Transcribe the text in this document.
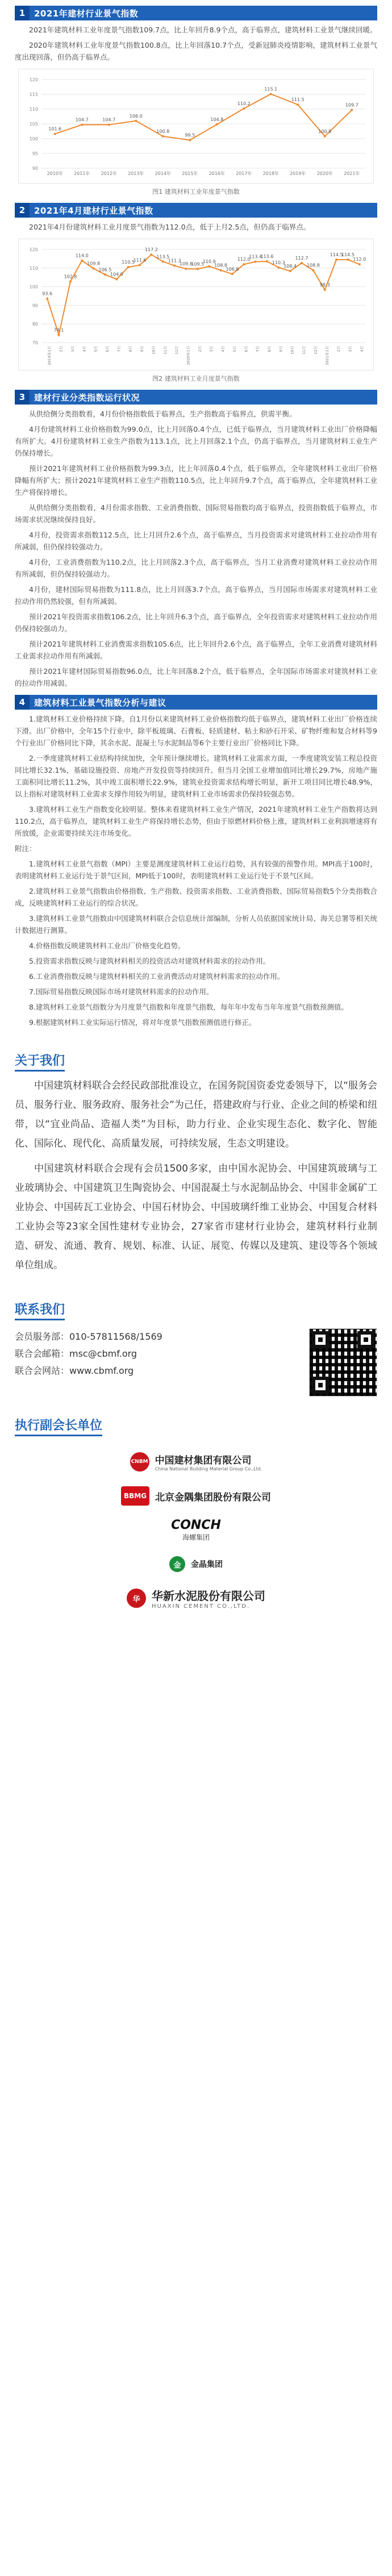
1	2021年建材行业景气指数

2021年建筑材料工业年度景气指数109.7点，比上年回升8.9个点，高于临界点，建筑材料工业景气继续回暖。

2020年建筑材料工业年度景气指数100.8点，比上年回落10.7个点，受新冠肺炎疫情影响，建筑材料工业景气度出现回落，但仍高于临界点。

90
95
100
105
110
115
120
2010年 2011年 2012年 2013年 2014年 2015年 2016年 2017年 2018年 2019年 2020年 2021年
101.6
104.7	104.7
106.0
100.8
99.5
104.8
110.2
115.1
111.5
100.8
109.7
图1 建筑材料工业年度景气指数
2	2021年4月建材行业景气指数

2021年4月份建筑材料工业月度景气指数为112.0点，低于上月2.5点，但仍高于临界点。

70
80
90
100
110
120
2019年1月 2月 3月 4月 5月 6月 7月 8月 9月 10月 11月 12月 2020年1月 2月 3月 4月 5月 6月 7月 8月 9月 10月 11月 12月 2021年1月 2月 3月 4月
93.6
74.1
102.8
114.0
109.8
106.5
104.0
110.5
111.6
117.2
113.5
111.3
109.6
109.5
110.9
108.8
106.8
112.0
113.4
113.6
110.3
108.4
112.7
108.8
98.3
114.5
114.5
112.0
图2 建筑材料工业月度景气指数
3	建材行业分类指数运行状况

从供给侧分类指数看，4月份价格指数低于临界点，生产指数高于临界点，供需平衡。

4月份建筑材料工业价格指数为99.0点，比上月回落0.4个点，已低于临界点，当月建筑材料工业出厂价格降幅有所扩大。4月份建筑材料工业生产指数为113.1点，比上月回落2.1个点，仍高于临界点，当月建筑材料工业生产仍保持增长。

预计2021年建筑材料工业价格指数为99.3点，比上年回落0.4个点，低于临界点，全年建筑材料工业出厂价格降幅有所扩大；预计2021年建筑材料工业生产指数110.5点，比上年回升9.7个点，高于临界点，全年建筑材料工业生产将保持增长。

从供给侧分类指数看，4月份需求指数、工业消费指数、国际贸易指数均高于临界点，投资指数低于临界点，市场需求状况继续保持良好。

4月份，投资需求指数112.5点，比上月回升2.6个点，高于临界点，当月投资需求对建筑材料工业拉动作用有所减弱，但仍保持较强动力。

4月份，工业消费指数为110.2点，比上月回落2.3个点，高于临界点，当月工业消费对建筑材料工业拉动作用有所减弱，但仍保持较强动力。

4月份，建材国际贸易指数为111.8点，比上月回落3.7个点，高于临界点，当月国际市场需求对建筑材料工业拉动作用仍然较强，但有所减弱。

预计2021年投资需求指数106.2点，比上年回升6.3个点，高于临界点，全年投资需求对建筑材料工业拉动作用仍保持较强动力。

预计2021年建筑材料工业消费需求指数105.6点，比上年回升2.6个点，高于临界点，全年工业消费对建筑材料工业需求拉动作用有所减弱。

预计2021年建材国际贸易指数96.0点，比上年回落8.2个点，低于临界点，全年国际市场需求对建筑材料工业的拉动作用减弱。

4	建筑材料工业景气指数分析与建议

1.建筑材料工业价格持续下降。自1月份以来建筑材料工业价格指数均低于临界点，建筑材料工业出厂价格连续下滑。出厂价格中，全年15个行业中，除平板玻璃、石膏板、轻质建材、粘土和砂石开采、矿物纤维和复合材料等9个行业出厂价格同比下降，其余水泥、混凝土与水泥制品等6个主要行业出厂价格同比下降。

2.一季度建筑材料工业结构持续加快，全年预计继续增长。建筑材料工业需求方面，一季度建筑安装工程总投资同比增长32.1%，基础设施投资、房地产开发投资等持续回升。但当月全国工业增加值同比增长29.7%，房地产施工面积同比增长11.2%，其中竣工面积增长22.9%，建筑业投资需求结构增长明显，新开工项目同比增长48.9%，以上指标对建筑材料工业需求支撑作用较为明显，建筑材料工业市场需求仍保持较强态势。

3.建筑材料工业生产指数变化较明显。整体来看建筑材料工业生产情况，2021年建筑材料工业生产指数将达到110.2点，高于临界点，建筑材料工业生产将保持增长态势，但由于原燃材料价格上涨，建筑材料工业利润增速将有所放缓，企业需要持续关注市场变化。

附注：

1.建筑材料工业景气指数（MPI）主要是测度建筑材料工业运行趋势，具有较强的预警作用。MPI高于100时，表明建筑材料工业运行处于景气区间，MPI低于100时，表明建筑材料工业运行处于不景气区间。

2.建筑材料工业景气指数由价格指数、生产指数、投资需求指数、工业消费指数、国际贸易指数5个分类指数合成，反映建筑材料工业运行的综合状况。

3.建筑材料工业景气指数由中国建筑材料联合会信息统计部编制，分析人员依据国家统计局、海关总署等相关统计数据进行测算。

4.价格指数反映建筑材料工业出厂价格变化趋势。

5.投资需求指数反映与建筑材料相关的投资活动对建筑材料需求的拉动作用。

6.工业消费指数反映与建筑材料相关的工业消费活动对建筑材料需求的拉动作用。

7.国际贸易指数反映国际市场对建筑材料需求的拉动作用。

8.建筑材料工业景气指数分为月度景气指数和年度景气指数，每年年中发布当年年度景气指数预测值。

9.根据建筑材料工业实际运行情况，将对年度景气指数预测值进行修正。

关于我们

中国建筑材料联合会经民政部批准设立，在国务院国资委党委领导下，以“服务会员、服务行业、服务政府、服务社会”为己任，搭建政府与行业、企业之间的桥梁和纽带，以“宜业尚品、造福人类”为目标，助力行业、企业实现生态化、数字化、智能化、国际化、现代化、高质量发展，可持续发展，生态文明建设。

中国建筑材料联合会现有会员1500多家，由中国水泥协会、中国建筑玻璃与工业玻璃协会、中国建筑卫生陶瓷协会、中国混凝土与水泥制品协会、中国非金属矿工业协会、中国砖瓦工业协会、中国石材协会、中国玻璃纤维工业协会、中国复合材料工业协会等23家全国性建材专业协会，27家省市建材行业协会，建筑材料行业制造、研发、流通、教育、规划、标准、认证、展览、传媒以及建筑、建设等各个领域单位组成。

联系我们
会员服务部：010-57811568/1569
联合会邮箱：msc@cbmf.org
联合会网站：www.cbmf.org
执行副会长单位
CNBM 中国建材集团有限公司
China National Building Material Group Co.,Ltd.
BBMG 北京金隅集团股份有限公司
CONCH
海螺集团
金	金晶集团
华	华新水泥股份有限公司
HUAXIN CEMENT CO.,LTD.
